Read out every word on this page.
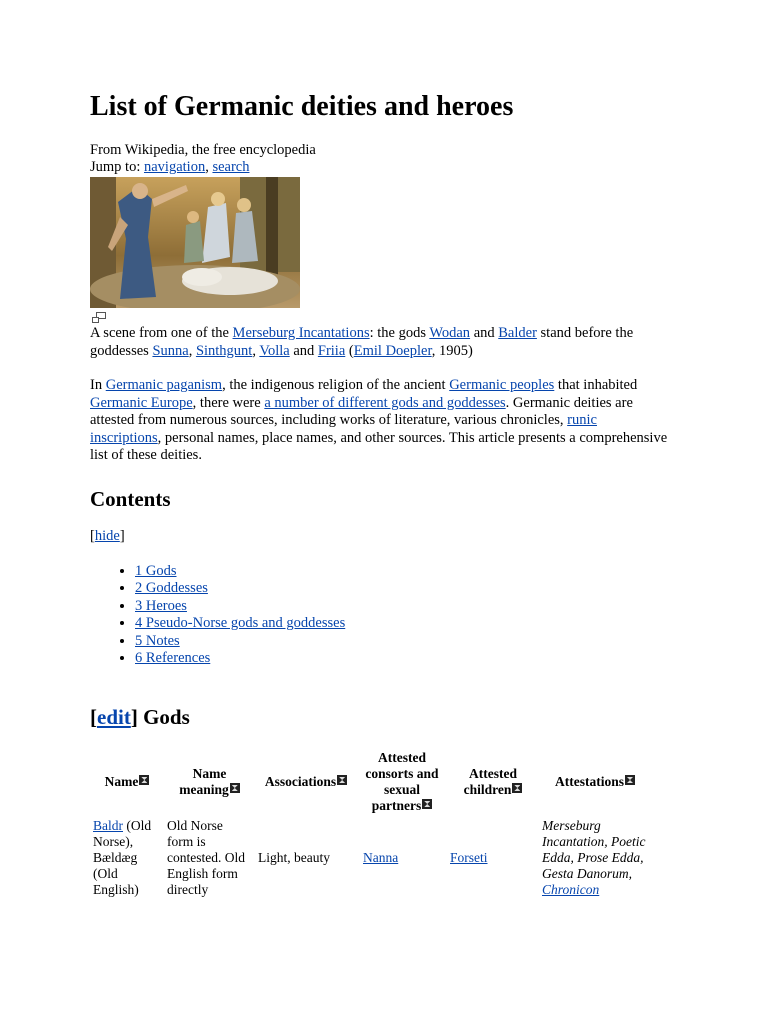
List of Germanic deities and heroes
From Wikipedia, the free encyclopedia
Jump to: navigation, search
A scene from one of the Merseburg Incantations: the gods Wodan and Balder stand before the goddesses Sunna, Sinthgunt, Volla and Friia (Emil Doepler, 1905)
In Germanic paganism, the indigenous religion of the ancient Germanic peoples that inhabited Germanic Europe, there were a number of different gods and goddesses. Germanic deities are attested from numerous sources, including works of literature, various chronicles, runic inscriptions, personal names, place names, and other sources. This article presents a comprehensive list of these deities.
Contents
[hide]
• 1 Gods
• 2 Goddesses
• 3 Heroes
• 4 Pseudo-Norse gods and goddesses
• 5 Notes
• 6 References
[edit] Gods
Name	Name meaning	Associations	Attested consorts and sexual partners	Attested children	Attestations
Baldr (Old Norse), Bældæg (Old English)	Old Norse form is contested. Old English form directly	Light, beauty	Nanna	Forseti	Merseburg Incantation, Poetic Edda, Prose Edda, Gesta Danorum, Chronicon
